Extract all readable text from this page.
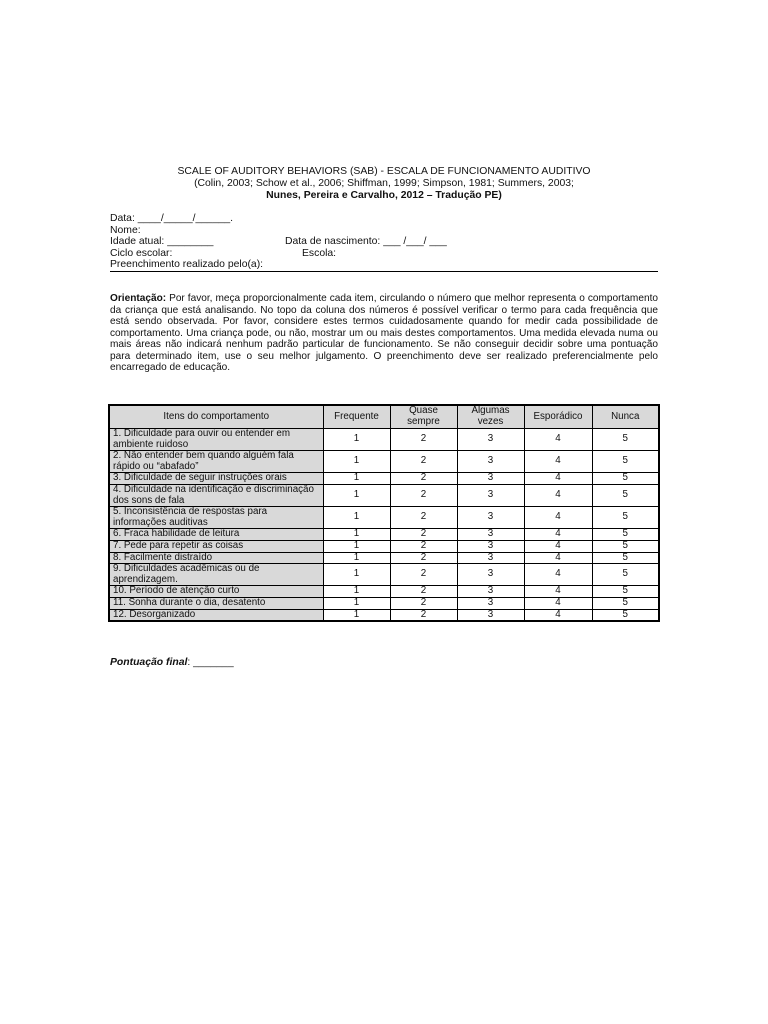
SCALE OF AUDITORY BEHAVIORS (SAB) - ESCALA DE FUNCIONAMENTO AUDITIVO
(Colin, 2003; Schow et al., 2006; Shiffman, 1999; Simpson, 1981; Summers, 2003;
Nunes, Pereira e Carvalho, 2012 – Tradução PE)
Data: ____/_____/______.
Nome:
Idade atual: ________	Data de nascimento: ___ /___/ ___
Ciclo escolar:	Escola:
Preenchimento realizado pelo(a):
Orientação: Por favor, meça proporcionalmente cada item, circulando o número que melhor representa o comportamento da criança que está analisando. No topo da coluna dos números é possível verificar o termo para cada frequência que está sendo observada. Por favor, considere estes termos cuidadosamente quando for medir cada possibilidade de comportamento. Uma criança pode, ou não, mostrar um ou mais destes comportamentos. Uma medida elevada numa ou mais áreas não indicará nenhum padrão particular de funcionamento. Se não conseguir decidir sobre uma pontuação para determinado item, use o seu melhor julgamento. O preenchimento deve ser realizado preferencialmente pelo encarregado de educação.
Itens do comportamento	Frequente	Quase sempre	Algumas vezes	Esporádico	Nunca
1. Dificuldade para ouvir ou entender em ambiente ruidoso	1	2	3	4	5
2. Não entender bem quando alguém fala rápido ou “abafado”	1	2	3	4	5
3. Dificuldade de seguir instruções orais	1	2	3	4	5
4. Dificuldade na identificação e discriminação dos sons de fala	1	2	3	4	5
5. Inconsistência de respostas para informações auditivas	1	2	3	4	5
6. Fraca habilidade de leitura	1	2	3	4	5
7. Pede para repetir as coisas	1	2	3	4	5
8. Facilmente distraído	1	2	3	4	5
9. Dificuldades acadêmicas ou de aprendizagem.	1	2	3	4	5
10. Período de atenção curto	1	2	3	4	5
11. Sonha durante o dia, desatento	1	2	3	4	5
12. Desorganizado	1	2	3	4	5
Pontuação final: _______
